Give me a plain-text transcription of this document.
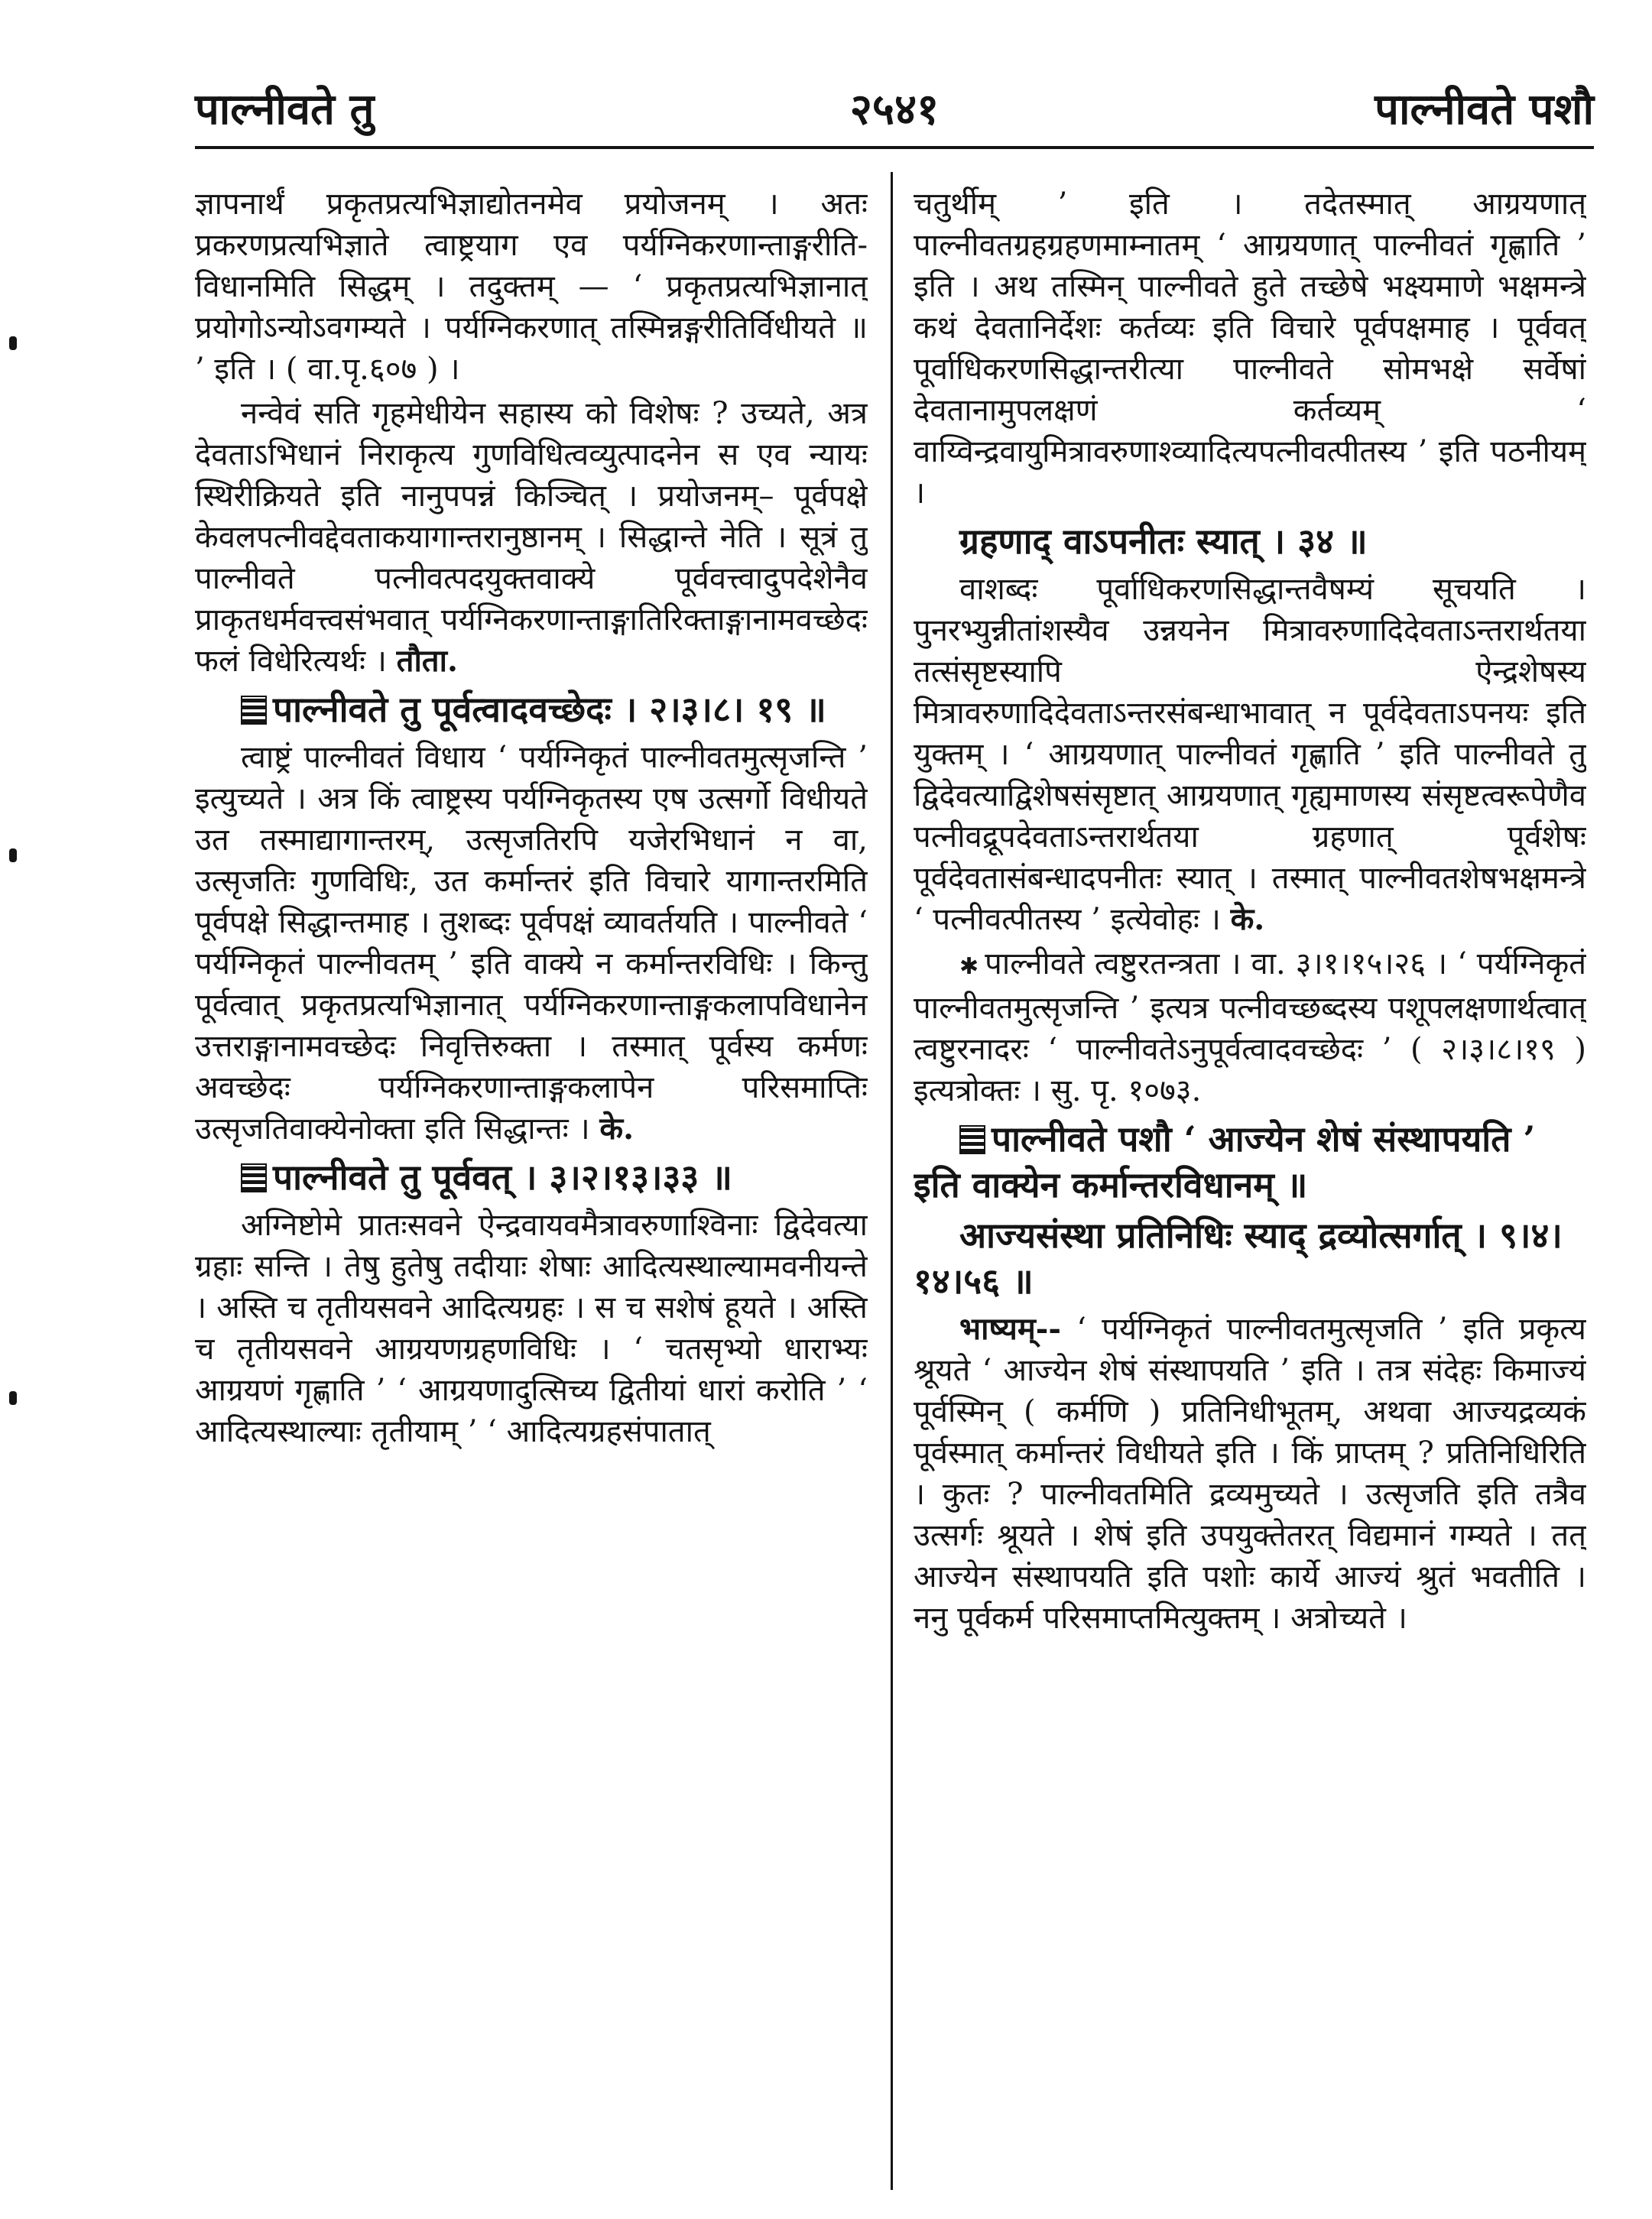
पाल्नीवते तु	२५४१	पाल्नीवते पशौ

ज्ञापनार्थं प्रकृतप्रत्यभिज्ञाद्योतनमेव प्रयोजनम् । अतः प्रकरणप्रत्यभिज्ञाते त्वाष्ट्रयाग एव पर्यग्निकरणान्ताङ्गरीति-विधानमिति सिद्धम् । तदुक्तम् — ‘ प्रकृतप्रत्यभिज्ञानात् प्रयोगोऽन्योऽवगम्यते । पर्यग्निकरणात् तस्मिन्नङ्गरीतिर्विधीयते ॥ ’ इति । ( वा.पृ.६०७ ) ।

नन्वेवं सति गृहमेधीयेन सहास्य को विशेषः ? उच्यते, अत्र देवताऽभिधानं निराकृत्य गुणविधित्वव्युत्पादनेन स एव न्यायः स्थिरीक्रियते इति नानुपपन्नं किञ्चित् । प्रयोजनम्– पूर्वपक्षे केवलपत्नीवद्देवताकयागान्तरानुष्ठानम् । सिद्धान्ते नेति । सूत्रं तु पाल्नीवते पत्नीवत्पदयुक्तवाक्ये पूर्ववत्त्वादुपदेशेनैव प्राकृतधर्मवत्त्वसंभवात् पर्यग्निकरणान्ताङ्गातिरिक्ताङ्गानामवच्छेदः फलं विधेरित्यर्थः । तौता.

पाल्नीवते तु पूर्वत्वादवच्छेदः । २।३।८। १९ ॥

त्वाष्ट्रं पाल्नीवतं विधाय ‘ पर्यग्निकृतं पाल्नीवतमुत्सृजन्ति ’ इत्युच्यते । अत्र किं त्वाष्ट्रस्य पर्यग्निकृतस्य एष उत्सर्गो विधीयते उत तस्माद्यागान्तरम्, उत्सृजतिरपि यजेरभिधानं न वा, उत्सृजतिः गुणविधिः, उत कर्मान्तरं इति विचारे यागान्तरमिति पूर्वपक्षे सिद्धान्तमाह । तुशब्दः पूर्वपक्षं व्यावर्तयति । पाल्नीवते ‘ पर्यग्निकृतं पाल्नीवतम् ’ इति वाक्ये न कर्मान्तरविधिः । किन्तु पूर्वत्वात् प्रकृतप्रत्यभिज्ञानात् पर्यग्निकरणान्ताङ्गकलापविधानेन उत्तराङ्गानामवच्छेदः निवृत्तिरुक्ता । तस्मात् पूर्वस्य कर्मणः अवच्छेदः पर्यग्निकरणान्ताङ्गकलापेन परिसमाप्तिः उत्सृजतिवाक्येनोक्ता इति सिद्धान्तः । के.

पाल्नीवते तु पूर्ववत् । ३।२।१३।३३ ॥

अग्निष्टोमे प्रातःसवने ऐन्द्रवायवमैत्रावरुणाश्विनाः द्विदेवत्या ग्रहाः सन्ति । तेषु हुतेषु तदीयाः शेषाः आदित्यस्थाल्यामवनीयन्ते । अस्ति च तृतीयसवने आदित्यग्रहः । स च सशेषं हूयते । अस्ति च तृतीयसवने आग्रयणग्रहणविधिः । ‘ चतसृभ्यो धाराभ्यः आग्रयणं गृह्णाति ’ ‘ आग्रयणादुत्सिच्य द्वितीयां धारां करोति ’ ‘ आदित्यस्थाल्याः तृतीयाम् ’ ‘ आदित्यग्रहसंपातात्

चतुर्थीम् ’ इति । तदेतस्मात् आग्रयणात् पाल्नीवतग्रहग्रहणमाम्नातम् ‘ आग्रयणात् पाल्नीवतं गृह्णाति ’ इति । अथ तस्मिन् पाल्नीवते हुते तच्छेषे भक्ष्यमाणे भक्षमन्त्रे कथं देवतानिर्देशः कर्तव्यः इति विचारे पूर्वपक्षमाह । पूर्ववत् पूर्वाधिकरणसिद्धान्तरीत्या पाल्नीवते सोमभक्षे सर्वेषां देवतानामुपलक्षणं कर्तव्यम् ‘ वाय्विन्द्रवायुमित्रावरुणाश्व्यादित्यपत्नीवत्पीतस्य ’ इति पठनीयम् ।

ग्रहणाद् वाऽपनीतः स्यात् । ३४ ॥

वाशब्दः पूर्वाधिकरणसिद्धान्तवैषम्यं सूचयति । पुनरभ्युन्नीतांशस्यैव उन्नयनेन मित्रावरुणादिदेवताऽन्तरार्थतया तत्संसृष्टस्यापि ऐन्द्रशेषस्य मित्रावरुणादिदेवताऽन्तरसंबन्धाभावात् न पूर्वदेवताऽपनयः इति युक्तम् । ‘ आग्रयणात् पाल्नीवतं गृह्णाति ’ इति पाल्नीवते तु द्विदेवत्याद्विशेषसंसृष्टात् आग्रयणात् गृह्यमाणस्य संसृष्टत्वरूपेणैव पत्नीवद्रूपदेवताऽन्तरार्थतया ग्रहणात् पूर्वशेषः पूर्वदेवतासंबन्धादपनीतः स्यात् । तस्मात् पाल्नीवतशेषभक्षमन्त्रे ‘ पत्नीवत्पीतस्य ’ इत्येवोहः । के.

✱ पाल्नीवते त्वष्टुरतन्त्रता । वा. ३।१।१५।२६ । ‘ पर्यग्निकृतं पाल्नीवतमुत्सृजन्ति ’ इत्यत्र पत्नीवच्छब्दस्य पशूपलक्षणार्थत्वात् त्वष्टुरनादरः ‘ पाल्नीवतेऽनुपूर्वत्वादवच्छेदः ’ ( २।३।८।१९ ) इत्यत्रोक्तः । सु. पृ. १०७३.

पाल्नीवते पशौ ‘ आज्येन शेषं संस्थापयति ’ इति वाक्येन कर्मान्तरविधानम् ॥
आज्यसंस्था प्रतिनिधिः स्याद् द्रव्योत्सर्गात् । ९।४।१४।५६ ॥

भाष्यम्-- ‘ पर्यग्निकृतं पाल्नीवतमुत्सृजति ’ इति प्रकृत्य श्रूयते ‘ आज्येन शेषं संस्थापयति ’ इति । तत्र संदेहः किमाज्यं पूर्वस्मिन् ( कर्मणि ) प्रतिनिधीभूतम्, अथवा आज्यद्रव्यकं पूर्वस्मात् कर्मान्तरं विधीयते इति । किं प्राप्तम् ? प्रतिनिधिरिति । कुतः ? पाल्नीवतमिति द्रव्यमुच्यते । उत्सृजति इति तत्रैव उत्सर्गः श्रूयते । शेषं इति उपयुक्तेतरत् विद्यमानं गम्यते । तत् आज्येन संस्थापयति इति पशोः कार्ये आज्यं श्रुतं भवतीति । ननु पूर्वकर्म परिसमाप्तमित्युक्तम् । अत्रोच्यते ।
